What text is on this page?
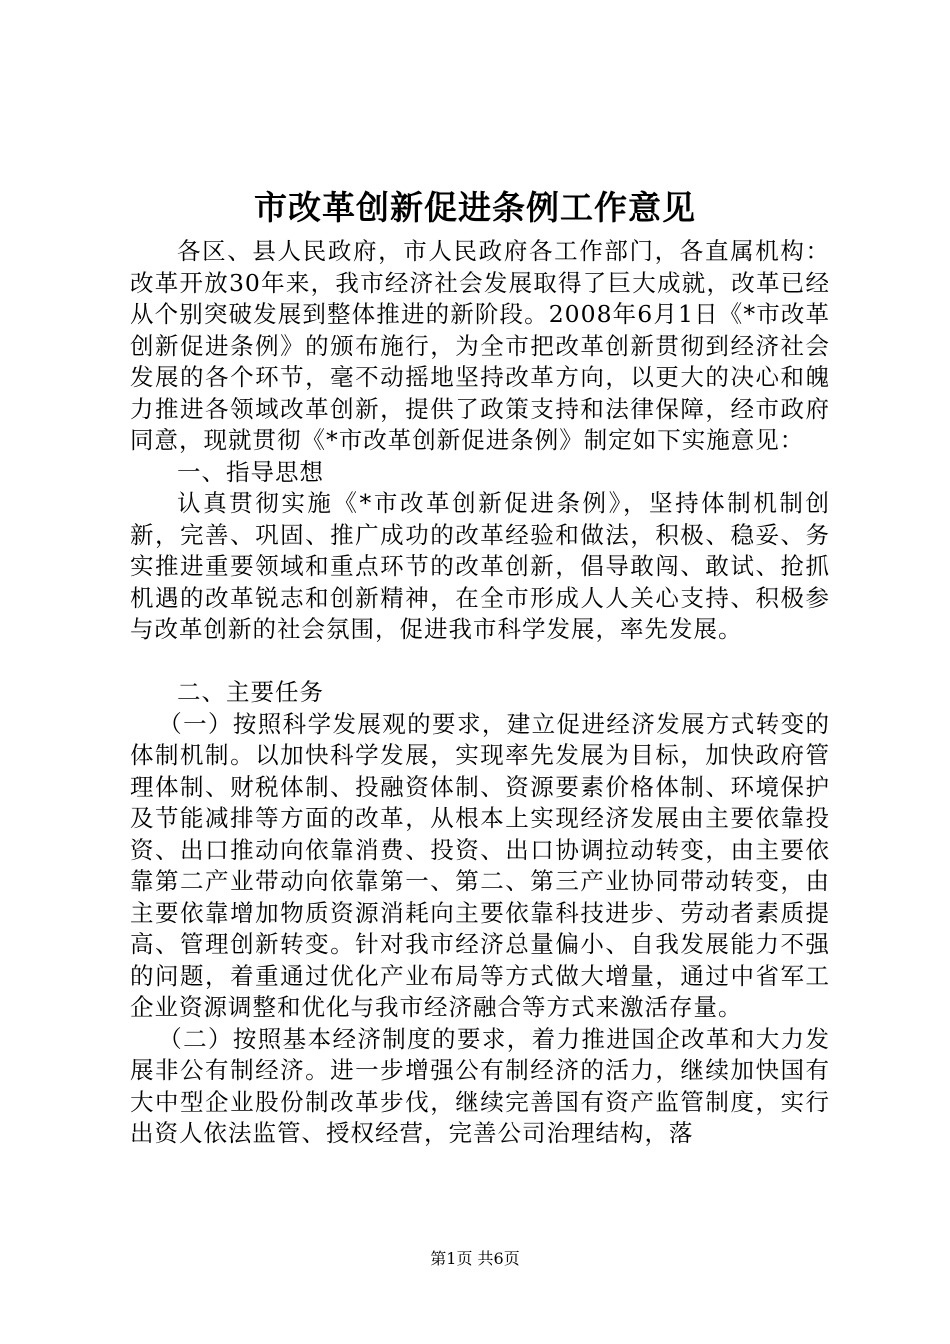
市改革创新促进条例工作意见

各区、县人民政府，市人民政府各工作部门，各直属机构：改革开放30年来，我市经济社会发展取得了巨大成就，改革已经从个别突破发展到整体推进的新阶段。2008年6月1日《*市改革创新促进条例》的颁布施行，为全市把改革创新贯彻到经济社会发展的各个环节，毫不动摇地坚持改革方向，以更大的决心和魄力推进各领域改革创新，提供了政策支持和法律保障，经市政府同意，现就贯彻《*市改革创新促进条例》制定如下实施意见：

一、指导思想

认真贯彻实施《*市改革创新促进条例》，坚持体制机制创新，完善、巩固、推广成功的改革经验和做法，积极、稳妥、务实推进重要领域和重点环节的改革创新，倡导敢闯、敢试、抢抓机遇的改革锐志和创新精神，在全市形成人人关心支持、积极参与改革创新的社会氛围，促进我市科学发展，率先发展。

二、主要任务

（一）按照科学发展观的要求，建立促进经济发展方式转变的体制机制。以加快科学发展，实现率先发展为目标，加快政府管理体制、财税体制、投融资体制、资源要素价格体制、环境保护及节能减排等方面的改革，从根本上实现经济发展由主要依靠投资、出口推动向依靠消费、投资、出口协调拉动转变，由主要依靠第二产业带动向依靠第一、第二、第三产业协同带动转变，由主要依靠增加物质资源消耗向主要依靠科技进步、劳动者素质提高、管理创新转变。针对我市经济总量偏小、自我发展能力不强的问题，着重通过优化产业布局等方式做大增量，通过中省军工企业资源调整和优化与我市经济融合等方式来激活存量。

（二）按照基本经济制度的要求，着力推进国企改革和大力发展非公有制经济。进一步增强公有制经济的活力，继续加快国有大中型企业股份制改革步伐，继续完善国有资产监管制度，实行出资人依法监管、授权经营，完善公司治理结构，落

第1页 共6页
